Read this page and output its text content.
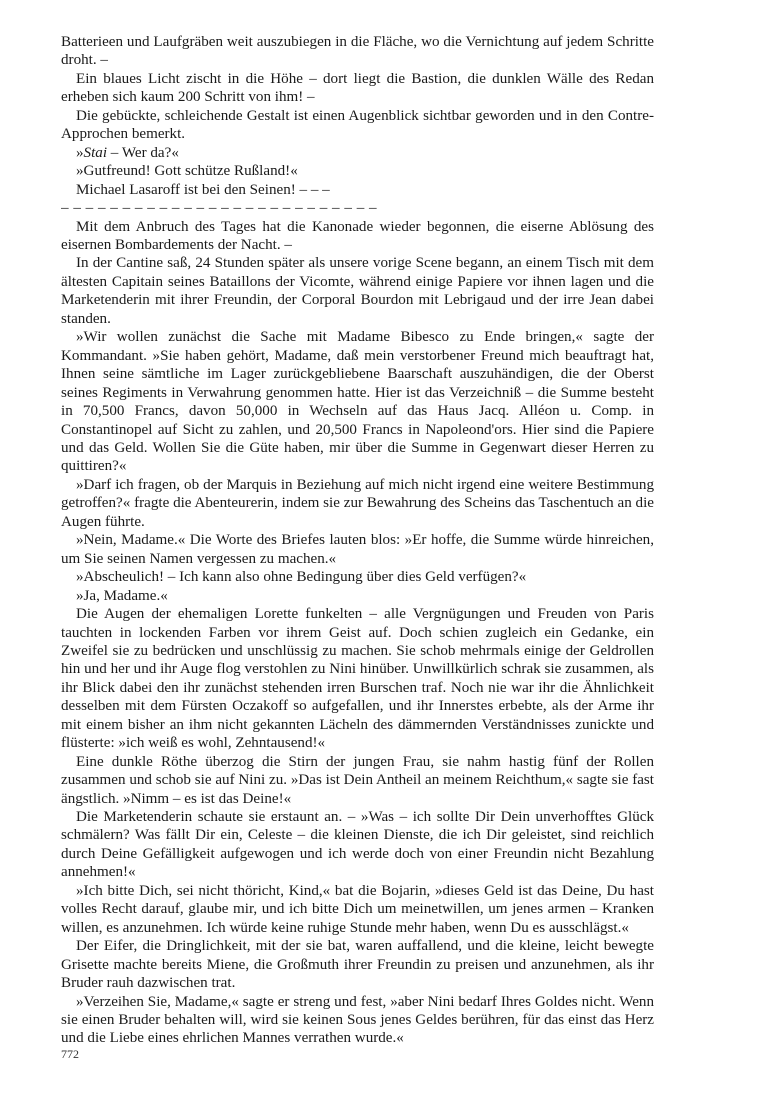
Batterieen und Laufgräben weit auszubiegen in die Fläche, wo die Vernichtung auf jedem Schritte droht. –

Ein blaues Licht zischt in die Höhe – dort liegt die Bastion, die dunklen Wälle des Redan erheben sich kaum 200 Schritt von ihm! –

Die gebückte, schleichende Gestalt ist einen Augenblick sichtbar geworden und in den Contre-Approchen bemerkt.

»Stai – Wer da?«

»Gutfreund! Gott schütze Rußland!«

Michael Lasaroff ist bei den Seinen! – – –

– – – – – – – – – – – – – – – – – – – – – – – – – –

Mit dem Anbruch des Tages hat die Kanonade wieder begonnen, die eiserne Ablösung des eisernen Bombardements der Nacht. –

In der Cantine saß, 24 Stunden später als unsere vorige Scene begann, an einem Tisch mit dem ältesten Capitain seines Bataillons der Vicomte, während einige Papiere vor ihnen lagen und die Marketenderin mit ihrer Freundin, der Corporal Bourdon mit Lebrigaud und der irre Jean dabei standen.

»Wir wollen zunächst die Sache mit Madame Bibesco zu Ende bringen,« sagte der Kommandant. »Sie haben gehört, Madame, daß mein verstorbener Freund mich beauftragt hat, Ihnen seine sämtliche im Lager zurückgebliebene Baarschaft auszuhändigen, die der Oberst seines Regiments in Verwahrung genommen hatte. Hier ist das Verzeichniß – die Summe besteht in 70,500 Francs, davon 50,000 in Wechseln auf das Haus Jacq. Alléon u. Comp. in Constantinopel auf Sicht zu zahlen, und 20,500 Francs in Napoleond'ors. Hier sind die Papiere und das Geld. Wollen Sie die Güte haben, mir über die Summe in Gegenwart dieser Herren zu quittiren?«

»Darf ich fragen, ob der Marquis in Beziehung auf mich nicht irgend eine weitere Bestimmung getroffen?« fragte die Abenteurerin, indem sie zur Bewahrung des Scheins das Taschentuch an die Augen führte.

»Nein, Madame.« Die Worte des Briefes lauten blos: »Er hoffe, die Summe würde hinreichen, um Sie seinen Namen vergessen zu machen.«

»Abscheulich! – Ich kann also ohne Bedingung über dies Geld verfügen?«

»Ja, Madame.«

Die Augen der ehemaligen Lorette funkelten – alle Vergnügungen und Freuden von Paris tauchten in lockenden Farben vor ihrem Geist auf. Doch schien zugleich ein Gedanke, ein Zweifel sie zu bedrücken und unschlüssig zu machen. Sie schob mehrmals einige der Geldrollen hin und her und ihr Auge flog verstohlen zu Nini hinüber. Unwillkürlich schrak sie zusammen, als ihr Blick dabei den ihr zunächst stehenden irren Burschen traf. Noch nie war ihr die Ähnlichkeit desselben mit dem Fürsten Oczakoff so aufgefallen, und ihr Innerstes erbebte, als der Arme ihr mit einem bisher an ihm nicht gekannten Lächeln des dämmernden Verständnisses zunickte und flüsterte: »ich weiß es wohl, Zehntausend!«

Eine dunkle Röthe überzog die Stirn der jungen Frau, sie nahm hastig fünf der Rollen zusammen und schob sie auf Nini zu. »Das ist Dein Antheil an meinem Reichthum,« sagte sie fast ängstlich. »Nimm – es ist das Deine!«

Die Marketenderin schaute sie erstaunt an. – »Was – ich sollte Dir Dein unverhofftes Glück schmälern? Was fällt Dir ein, Celeste – die kleinen Dienste, die ich Dir geleistet, sind reichlich durch Deine Gefälligkeit aufgewogen und ich werde doch von einer Freundin nicht Bezahlung annehmen!«

»Ich bitte Dich, sei nicht thöricht, Kind,« bat die Bojarin, »dieses Geld ist das Deine, Du hast volles Recht darauf, glaube mir, und ich bitte Dich um meinetwillen, um jenes armen – Kranken willen, es anzunehmen. Ich würde keine ruhige Stunde mehr haben, wenn Du es ausschlägst.«

Der Eifer, die Dringlichkeit, mit der sie bat, waren auffallend, und die kleine, leicht bewegte Grisette machte bereits Miene, die Großmuth ihrer Freundin zu preisen und anzunehmen, als ihr Bruder rauh dazwischen trat.

»Verzeihen Sie, Madame,« sagte er streng und fest, »aber Nini bedarf Ihres Goldes nicht. Wenn sie einen Bruder behalten will, wird sie keinen Sous jenes Geldes berühren, für das einst das Herz und die Liebe eines ehrlichen Mannes verrathen wurde.«

772
